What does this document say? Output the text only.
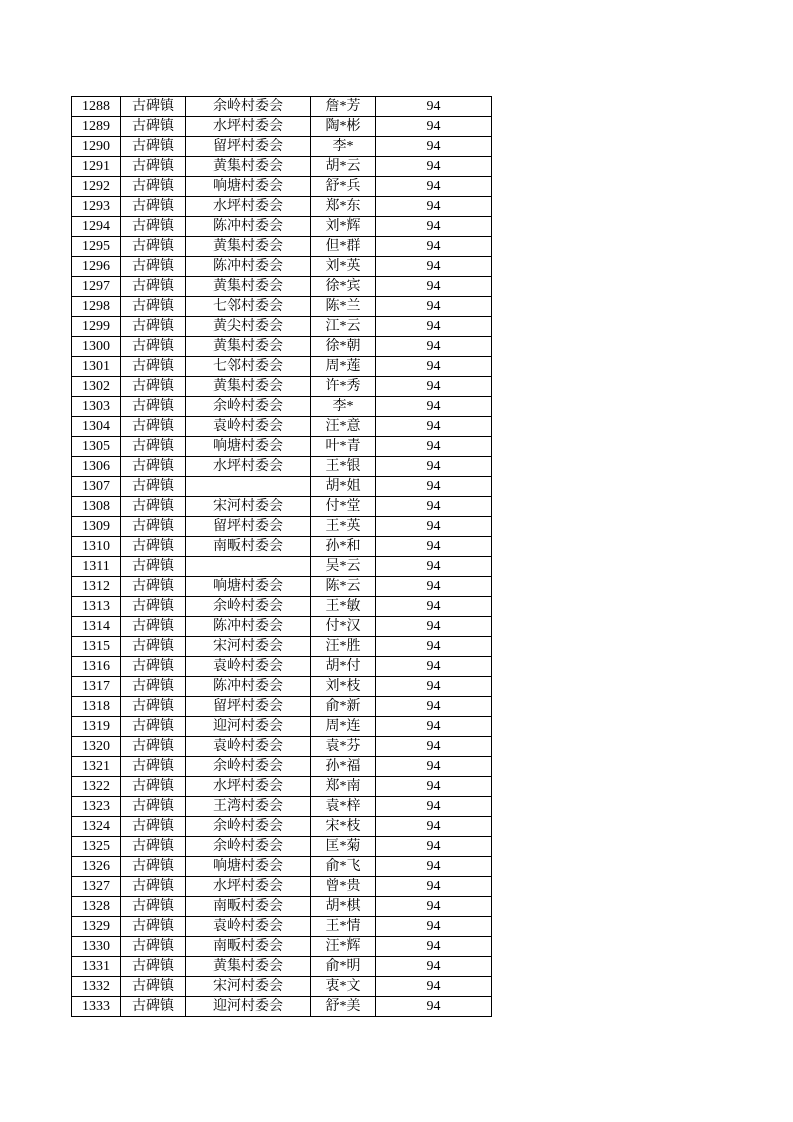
1288	古碑镇	余岭村委会	詹*芳	94
1289	古碑镇	水坪村委会	陶*彬	94
1290	古碑镇	留坪村委会	李*	94
1291	古碑镇	黄集村委会	胡*云	94
1292	古碑镇	响塘村委会	舒*兵	94
1293	古碑镇	水坪村委会	郑*东	94
1294	古碑镇	陈冲村委会	刘*辉	94
1295	古碑镇	黄集村委会	但*群	94
1296	古碑镇	陈冲村委会	刘*英	94
1297	古碑镇	黄集村委会	徐*宾	94
1298	古碑镇	七邻村委会	陈*兰	94
1299	古碑镇	黄尖村委会	江*云	94
1300	古碑镇	黄集村委会	徐*朝	94
1301	古碑镇	七邻村委会	周*莲	94
1302	古碑镇	黄集村委会	许*秀	94
1303	古碑镇	余岭村委会	李*	94
1304	古碑镇	袁岭村委会	汪*意	94
1305	古碑镇	响塘村委会	叶*青	94
1306	古碑镇	水坪村委会	王*银	94
1307	古碑镇		胡*姐	94
1308	古碑镇	宋河村委会	付*堂	94
1309	古碑镇	留坪村委会	王*英	94
1310	古碑镇	南畈村委会	孙*和	94
1311	古碑镇		吴*云	94
1312	古碑镇	响塘村委会	陈*云	94
1313	古碑镇	余岭村委会	王*敏	94
1314	古碑镇	陈冲村委会	付*汉	94
1315	古碑镇	宋河村委会	汪*胜	94
1316	古碑镇	袁岭村委会	胡*付	94
1317	古碑镇	陈冲村委会	刘*枝	94
1318	古碑镇	留坪村委会	俞*新	94
1319	古碑镇	迎河村委会	周*连	94
1320	古碑镇	袁岭村委会	袁*芬	94
1321	古碑镇	余岭村委会	孙*福	94
1322	古碑镇	水坪村委会	郑*南	94
1323	古碑镇	王湾村委会	袁*梓	94
1324	古碑镇	余岭村委会	宋*枝	94
1325	古碑镇	余岭村委会	匡*菊	94
1326	古碑镇	响塘村委会	俞*飞	94
1327	古碑镇	水坪村委会	曾*贵	94
1328	古碑镇	南畈村委会	胡*棋	94
1329	古碑镇	袁岭村委会	王*情	94
1330	古碑镇	南畈村委会	汪*辉	94
1331	古碑镇	黄集村委会	俞*明	94
1332	古碑镇	宋河村委会	衷*文	94
1333	古碑镇	迎河村委会	舒*美	94
